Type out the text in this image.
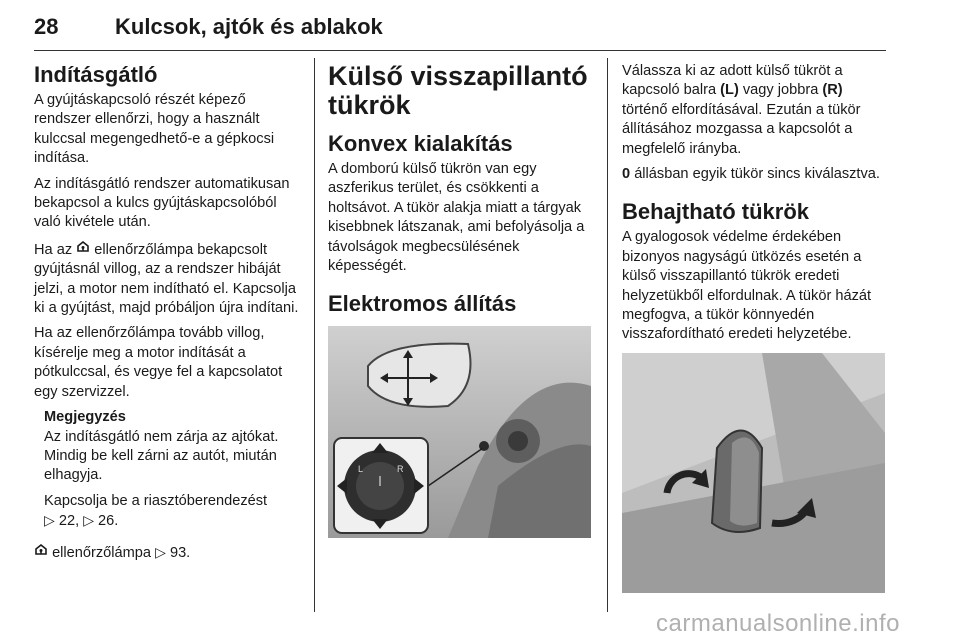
28	Kulcsok, ajtók és ablakok
Indításgátló

A gyújtáskapcsoló részét képező rendszer ellenőrzi, hogy a használt kulccsal megengedhető-e a gépkocsi indítása.

Az indításgátló rendszer automatikusan bekapcsol a kulcs gyújtáskapcsolóból való kivétele után.

Ha az ellenőrzőlámpa bekapcsolt gyújtásnál villog, az a rendszer hibáját jelzi, a motor nem indítható el. Kapcsolja ki a gyújtást, majd próbáljon újra indítani.

Ha az ellenőrzőlámpa tovább villog, kísérelje meg a motor indítását a pótkulccsal, és vegye fel a kapcsolatot egy szervizzel.

Megjegyzés

Az indításgátló nem zárja az ajtókat. Mindig be kell zárni az autót, miután elhagyja.

Kapcsolja be a riasztóberendezést
▷ 22, ▷ 26.

ellenőrzőlámpa ▷ 93.

Külső visszapillantó tükrök
Konvex kialakítás

A domború külső tükrön van egy aszferikus terület, és csökkenti a holtsávot. A tükör alakja miatt a tárgyak kisebbnek látszanak, ami befolyásolja a távolságok megbecsülésének képességét.

Elektromos állítás
L	R

Válassza ki az adott külső tükröt a kapcsoló balra (L) vagy jobbra (R) történő elfordításával. Ezután a tükör állításához mozgassa a kapcsolót a megfelelő irányba.

0 állásban egyik tükör sincs kiválasztva.

Behajtható tükrök

A gyalogosok védelme érdekében bizonyos nagyságú ütközés esetén a külső visszapillantó tükrök eredeti helyzetükből elfordulnak. A tükör házát megfogva, a tükör könnyedén visszafordítható eredeti helyzetébe.

carmanualsonline.info
